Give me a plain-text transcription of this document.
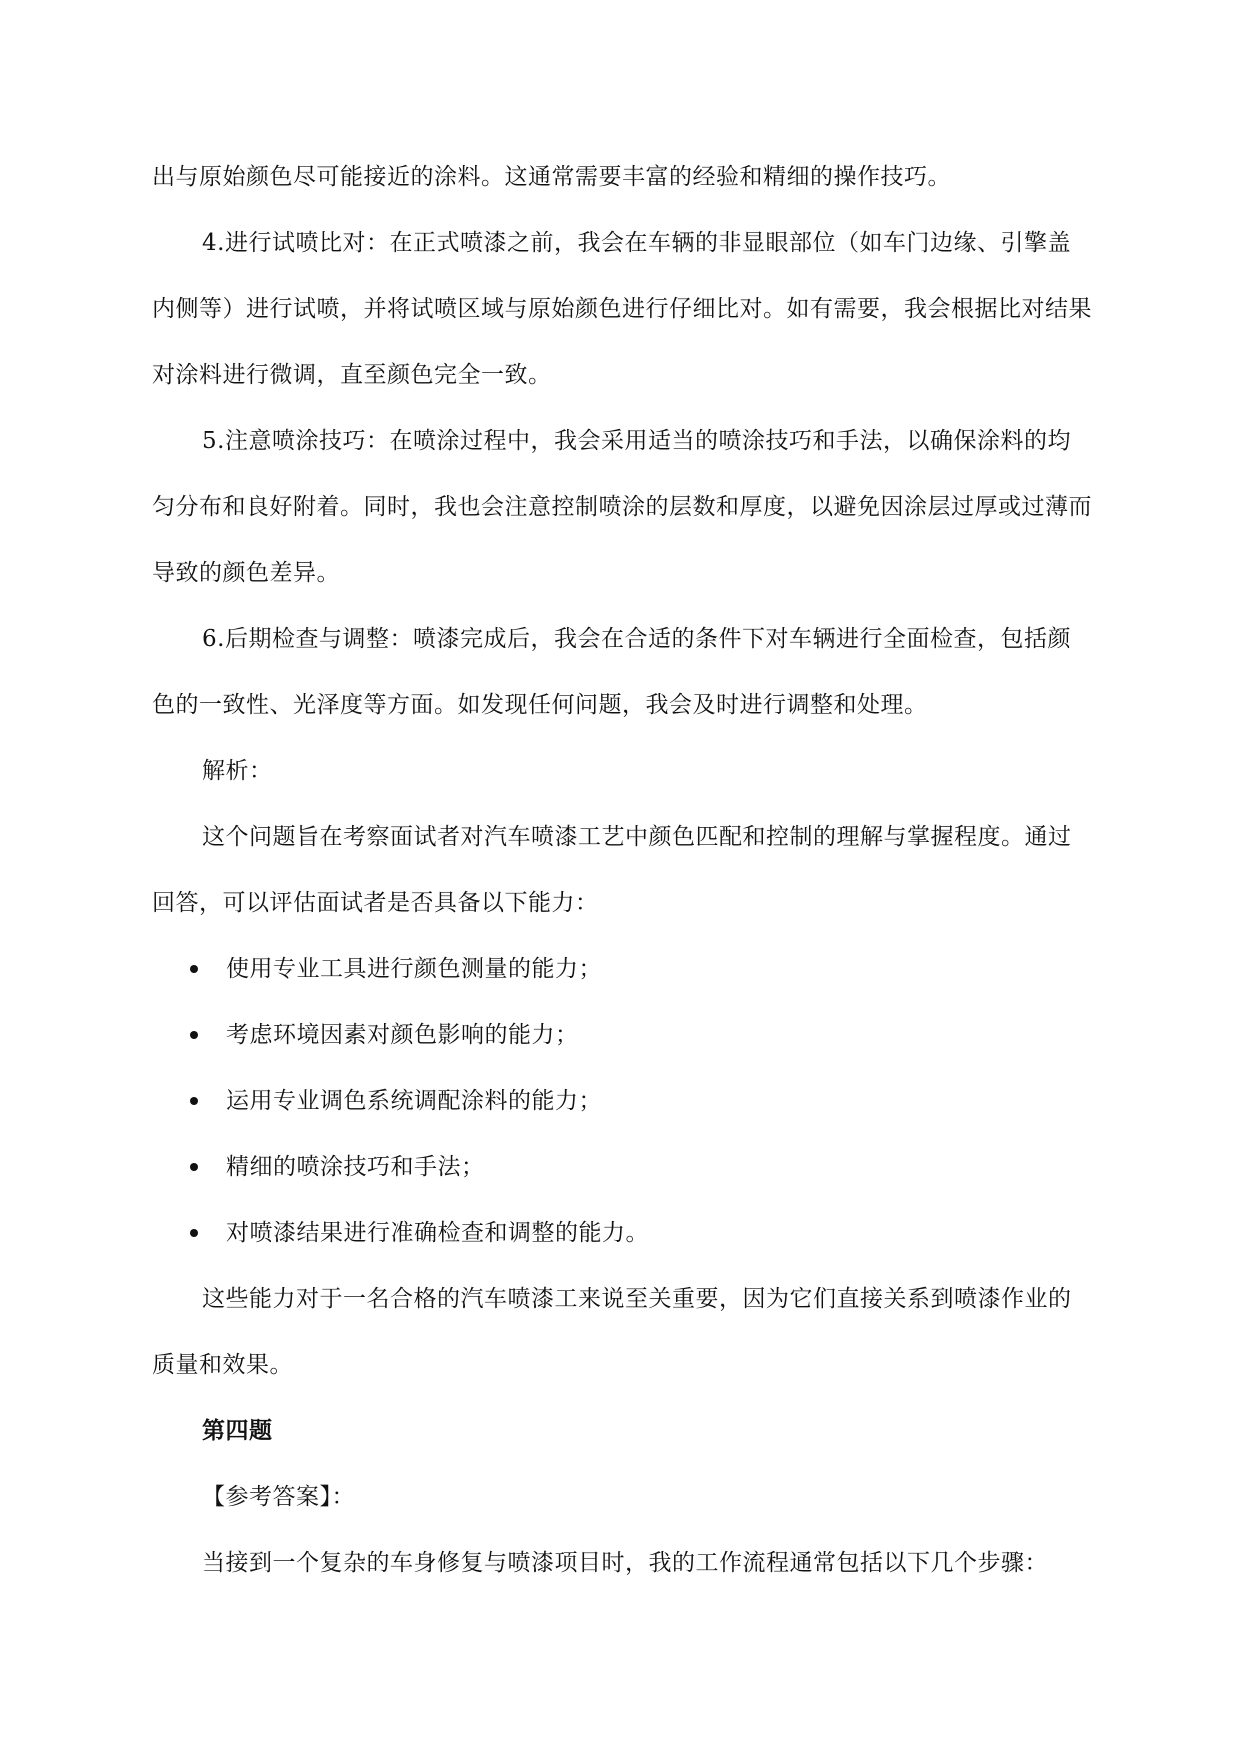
出与原始颜色尽可能接近的涂料。这通常需要丰富的经验和精细的操作技巧。

4.进行试喷比对：在正式喷漆之前，我会在车辆的非显眼部位（如车门边缘、引擎盖内侧等）进行试喷，并将试喷区域与原始颜色进行仔细比对。如有需要，我会根据比对结果对涂料进行微调，直至颜色完全一致。

5.注意喷涂技巧：在喷涂过程中，我会采用适当的喷涂技巧和手法，以确保涂料的均匀分布和良好附着。同时，我也会注意控制喷涂的层数和厚度，以避免因涂层过厚或过薄而导致的颜色差异。

6.后期检查与调整：喷漆完成后，我会在合适的条件下对车辆进行全面检查，包括颜色的一致性、光泽度等方面。如发现任何问题，我会及时进行调整和处理。

解析：

这个问题旨在考察面试者对汽车喷漆工艺中颜色匹配和控制的理解与掌握程度。通过回答，可以评估面试者是否具备以下能力：

使用专业工具进行颜色测量的能力；
考虑环境因素对颜色影响的能力；
运用专业调色系统调配涂料的能力；
精细的喷涂技巧和手法；
对喷漆结果进行准确检查和调整的能力。

这些能力对于一名合格的汽车喷漆工来说至关重要，因为它们直接关系到喷漆作业的质量和效果。

第四题

【参考答案】：

当接到一个复杂的车身修复与喷漆项目时，我的工作流程通常包括以下几个步骤：
